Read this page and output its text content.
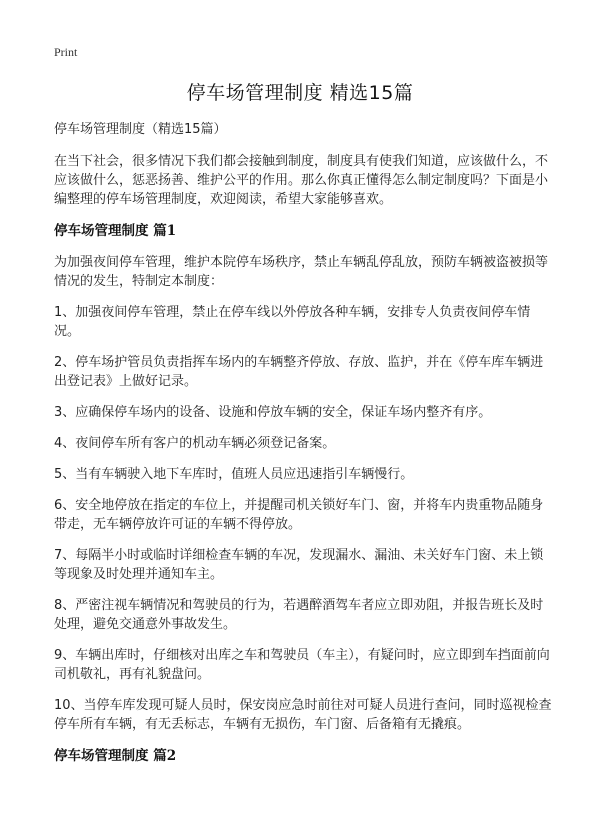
Print
停车场管理制度 精选15篇

停车场管理制度（精选15篇）

在当下社会，很多情况下我们都会接触到制度，制度具有使我们知道，应该做什么，不应该做什么，惩恶扬善、维护公平的作用。那么你真正懂得怎么制定制度吗？下面是小编整理的停车场管理制度，欢迎阅读，希望大家能够喜欢。

停车场管理制度 篇1

为加强夜间停车管理，维护本院停车场秩序，禁止车辆乱停乱放，预防车辆被盗被损等情况的发生，特制定本制度：

1、加强夜间停车管理，禁止在停车线以外停放各种车辆，安排专人负责夜间停车情况。

2、停车场护管员负责指挥车场内的车辆整齐停放、存放、监护，并在《停车库车辆进出登记表》上做好记录。

3、应确保停车场内的设备、设施和停放车辆的安全，保证车场内整齐有序。

4、夜间停车所有客户的机动车辆必须登记备案。

5、当有车辆驶入地下车库时，值班人员应迅速指引车辆慢行。

6、安全地停放在指定的车位上，并提醒司机关锁好车门、窗，并将车内贵重物品随身带走，无车辆停放许可证的车辆不得停放。

7、每隔半小时或临时详细检查车辆的车况，发现漏水、漏油、未关好车门窗、未上锁等现象及时处理并通知车主。

8、严密注视车辆情况和驾驶员的行为，若遇醉酒驾车者应立即劝阻，并报告班长及时处理，避免交通意外事故发生。

9、车辆出库时，仔细核对出库之车和驾驶员（车主），有疑问时，应立即到车挡面前向司机敬礼，再有礼貌盘问。

10、当停车库发现可疑人员时，保安岗应急时前往对可疑人员进行查问，同时巡视检查停车所有车辆，有无丢标志，车辆有无损伤，车门窗、后备箱有无撬痕。

停车场管理制度 篇2
